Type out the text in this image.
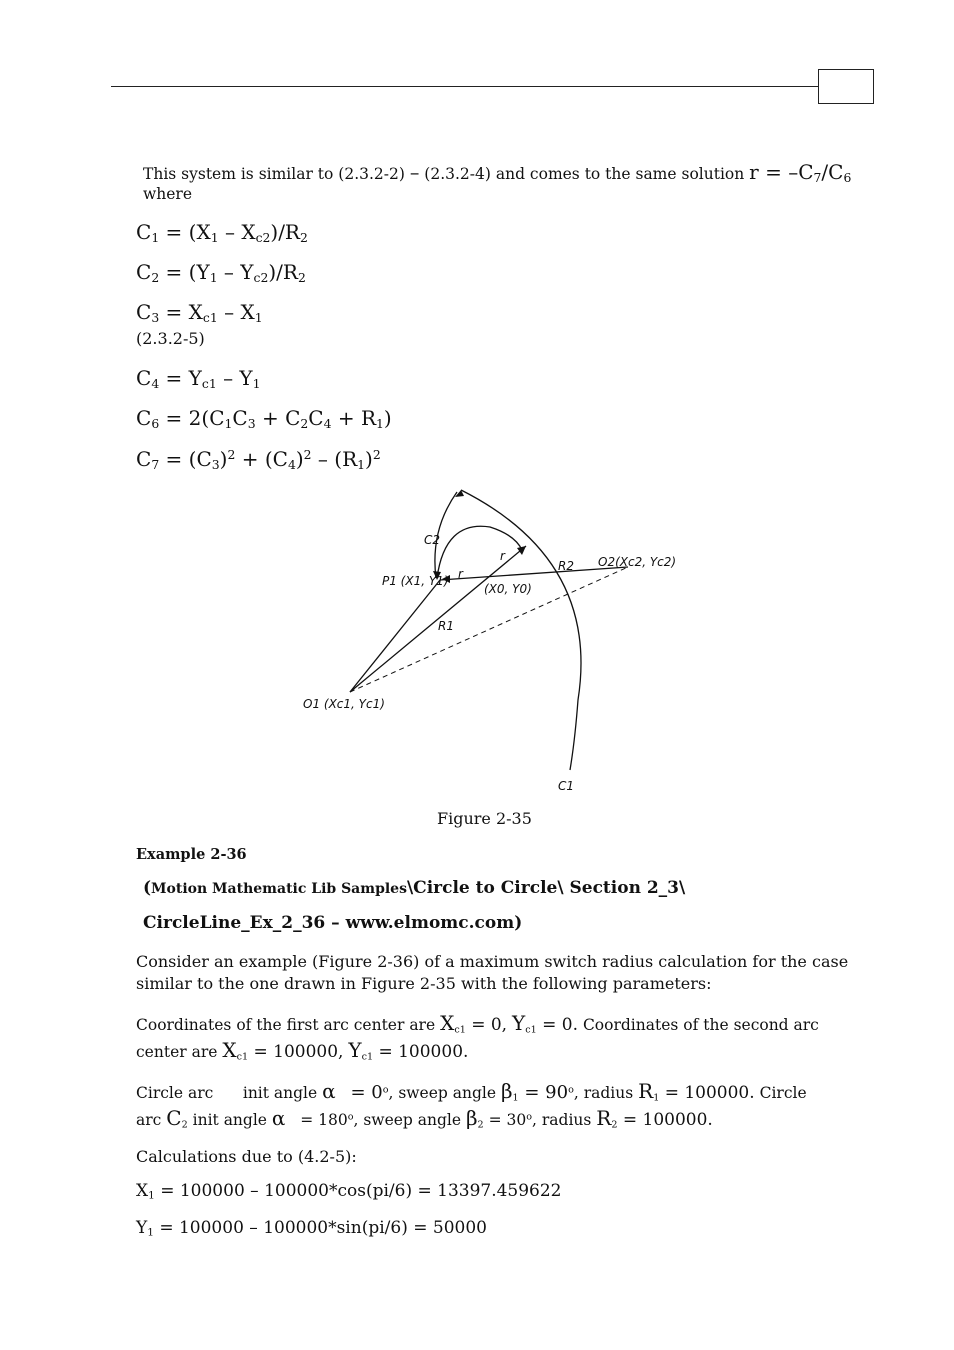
This system is similar to (2.3.2-2) – (2.3.2-4) and comes to the same solution $r = -C_7/C_6$
where
$C_1 = (X_1 - X_{c2})/R_2$
$C_2 = (Y_1 - Y_{c2})/R_2$
$C_3 = X_{c1} - X_1$
(2.3.2-5)
$C_4 = Y_{c1} - Y_1$
$C_6 = 2(C_1C_3 + C_2C_4 + R_1)$
$C_7 = (C_3)^2 + (C_4)^2 - (R_1)^2$
C2
P1 (X1, Y1) r
r
R2 O2(Xc2, Yc2)
(X0, Y0)
R1
O1 (Xc1, Yc1)
C1
Figure 2-35
Example 2-36
(Motion Mathematic Lib Samples\Circle to Circle\ Section 2_3\
CircleLine_Ex_2_36 – www.elmomc.com)
Consider an example (Figure 2-36) of a maximum switch radius calculation for the case
similar to the one drawn in Figure 2-35 with the following parameters:
Coordinates of the first arc center are $X_{c1} = 0$, $Y_{c1} = 0$. Coordinates of the second arc
center are $X_{c1} = 100000$, $Y_{c1} = 100000$.
Circle arc init angle $\alpha = 0^o$, sweep angle $\beta_1 = 90^o$, radius $R_1 = 100000$. Circle
arc $C_2$ init angle $\alpha = 180^o$, sweep angle $\beta_2 = 30^o$, radius $R_2 = 100000$.
Calculations due to (4.2-5):
$X_1 = 100000 - 100000*\cos(pi/6) = 13397.459622$
$Y_1 = 100000 - 100000*\sin(pi/6) = 50000$
